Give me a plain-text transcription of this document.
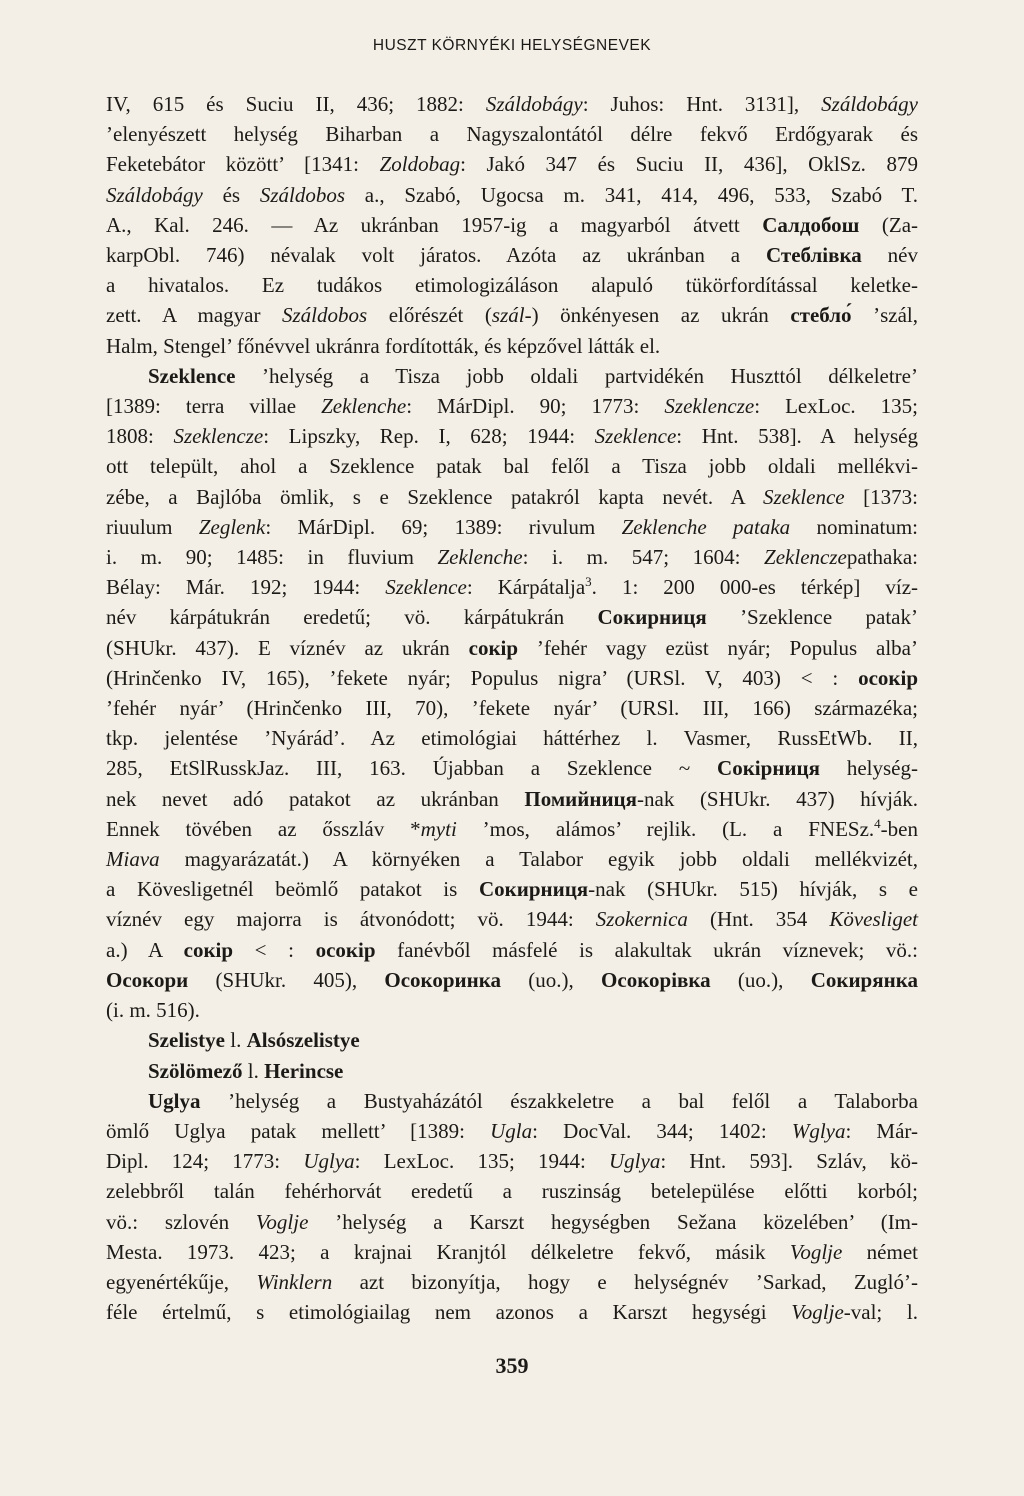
HUSZT KÖRNYÉKI HELYSÉGNEVEK
IV, 615 és Suciu II, 436; 1882: Száldobágy: Juhos: Hnt. 3131], Száldobágy
’elenyészett helység Biharban a Nagyszalontától délre fekvő Erdőgyarak és
Feketebátor között’ [1341: Zoldobag: Jakó 347 és Suciu II, 436], OklSz. 879
Száldobágy és Száldobos a., Szabó, Ugocsa m. 341, 414, 496, 533, Szabó T.
A., Kal. 246. — Az ukránban 1957-ig a magyarból átvett Салдобош (Za-
karpObl. 746) névalak volt járatos. Azóta az ukránban a Стеблiвка név
a hivatalos. Ez tudákos etimologizáláson alapuló tükörfordítással keletke-
zett. A magyar Száldobos előrészét (szál-) önkényesen az ukrán стебло́ ’szál,
Halm, Stengel’ főnévvel ukránra fordították, és képzővel látták el.
Szeklence ’helység a Tisza jobb oldali partvidékén Huszttól délkeletre’
[1389: terra villae Zeklenche: MárDipl. 90; 1773: Szeklencze: LexLoc. 135;
1808: Szeklencze: Lipszky, Rep. I, 628; 1944: Szeklence: Hnt. 538]. A helység
ott települt, ahol a Szeklence patak bal felől a Tisza jobb oldali mellékvi-
zébe, a Bajlóba ömlik, s e Szeklence patakról kapta nevét. A Szeklence [1373:
riuulum Zeglenk: MárDipl. 69; 1389: rivulum Zeklenche pataka nominatum:
i. m. 90; 1485: in fluvium Zeklenche: i. m. 547; 1604: Zeklenczepathaka:
Bélay: Már. 192; 1944: Szeklence: Kárpátalja$^3$. 1: 200 000-es térkép] víz-
név kárpátukrán eredetű; vö. kárpátukrán Сокирниця ’Szeklence patak’
(SHUkr. 437). E víznév az ukrán сокiр ’fehér vagy ezüst nyár; Populus alba’
(Hrinčenko IV, 165), ’fekete nyár; Populus nigra’ (URSl. V, 403) < : осокiр
’fehér nyár’ (Hrinčenko III, 70), ’fekete nyár’ (URSl. III, 166) származéka;
tkp. jelentése ’Nyárád’. Az etimológiai háttérhez l. Vasmer, RussEtWb. II,
285, EtSlRusskJaz. III, 163. Újabban a Szeklence ~ Сокiрниця helység-
nek nevet adó patakot az ukránban Помийниця-nak (SHUkr. 437) hívják.
Ennek tövében az ősszláv *myti ’mos, alámos’ rejlik. (L. a FNESz.$^4$-ben
Miava magyarázatát.) A környéken a Talabor egyik jobb oldali mellékvizét,
a Kövesligetnél beömlő patakot is Сокирниця-nak (SHUkr. 515) hívják, s e
víznév egy majorra is átvonódott; vö. 1944: Szokernica (Hnt. 354 Kövesliget
a.) A сокiр < : осокiр fanévből másfelé is alakultak ukrán víznevek; vö.:
Осокори (SHUkr. 405), Осокоринка (uo.), Осокорiвка (uo.), Сокирянка
(i. m. 516).
Szelistye l. Alsószelistye
Szölömező l. Herincse
Uglya ’helység a Bustyaházától északkeletre a bal felől a Talaborba
ömlő Uglya patak mellett’ [1389: Ugla: DocVal. 344; 1402: Wglya: Már-
Dipl. 124; 1773: Uglya: LexLoc. 135; 1944: Uglya: Hnt. 593]. Szláv, kö-
zelebbről talán fehérhorvát eredetű a ruszinság betelepülése előtti korból;
vö.: szlovén Voglje ’helység a Karszt hegységben Sežana közelében’ (Im-
Mesta. 1973. 423; a krajnai Kranjtól délkeletre fekvő, másik Voglje német
egyenértékűje, Winklern azt bizonyítja, hogy e helységnév ’Sarkad, Zugló’-
féle értelmű, s etimológiailag nem azonos a Karszt hegységi Voglje-val; l.
359
